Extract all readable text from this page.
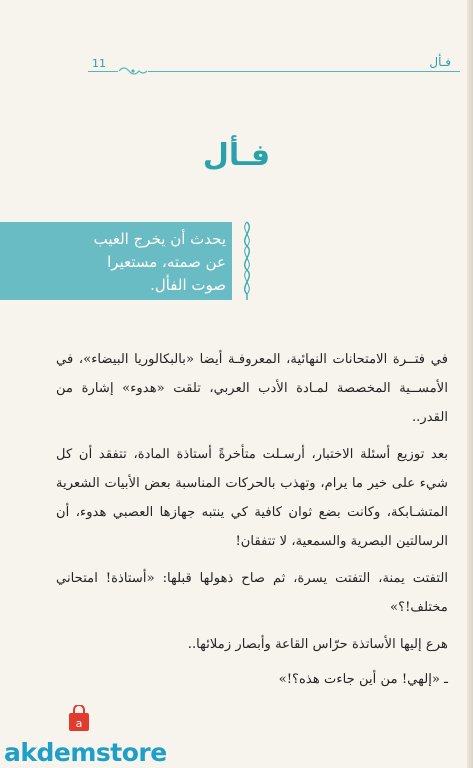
فـأل
11
فـأل
يحدث أن يخرج الغيب
عن صمته، مستعيرا
صوت الفأل.

في فتــرة الامتحانات النهائية، المعروفـة أيضا «بالبكالوريا البيضاء»، في الأمســية المخصصة لمـادة الأدب العربي، تلقت «هدوء» إشارة من القدر..

بعد توزيع أسئلة الاختبار، أرسـلت متأخرةً أستاذة المادة، تتفقد أن كل شيء على خير ما يرام، وتهذب بالحركات المناسبة بعض الأبيات الشعرية المتشـابكة، وكانت بضع ثوان كافية كي ينتبه جهازها العصبي هدوء، أن الرسالتين البصرية والسمعية، لا تتفقان!

التفتت يمنة، التفتت يسرة، ثم صاح ذهولها قبلها: «أستاذة! امتحاني مختلف!؟»

هرع إليها الأساتذة حرّاس القاعة وأبصار زملائها..

ـ «إلهي! من أين جاءت هذه؟!»

a
akdemstore
